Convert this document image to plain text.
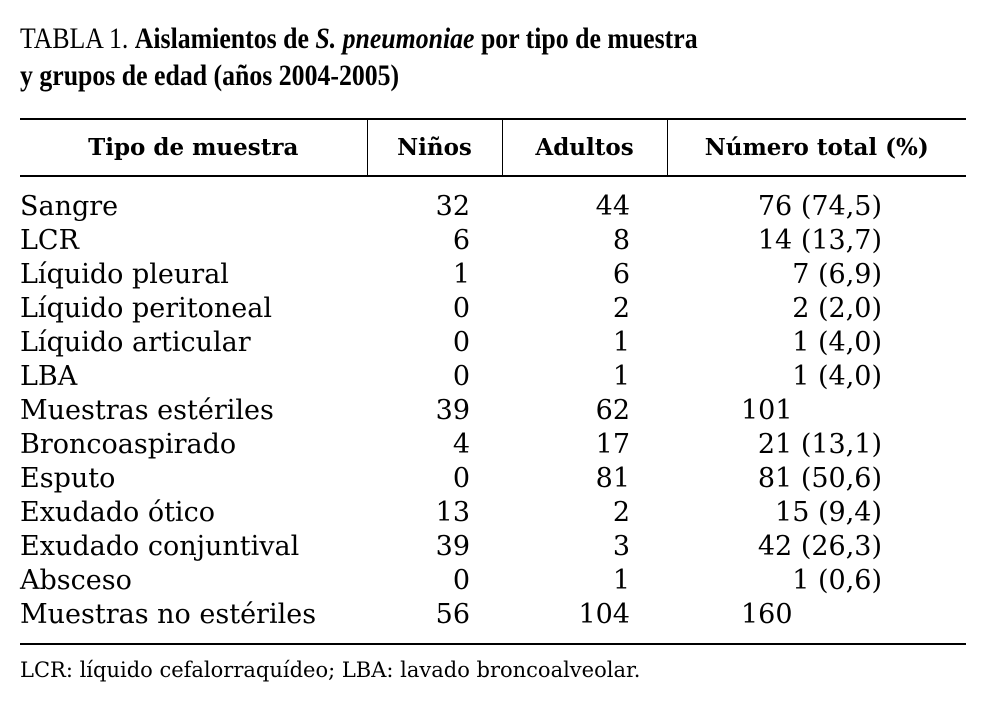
TABLA 1. Aislamientos de S. pneumoniae por tipo de muestra
y grupos de edad (años 2004-2005)
Tipo de muestra	Niños	Adultos	Número total (%)
Sangre	32	44	76 (74,5)
LCR	6	8	14 (13,7)
Líquido pleural	1	6	7 (6,9)
Líquido peritoneal	0	2	2 (2,0)
Líquido articular	0	1	1 (4,0)
LBA	0	1	1 (4,0)
Muestras estériles	39	62	101
Broncoaspirado	4	17	21 (13,1)
Esputo	0	81	81 (50,6)
Exudado ótico	13	2	15 (9,4)
Exudado conjuntival	39	3	42 (26,3)
Absceso	0	1	1 (0,6)
Muestras no estériles	56	104	160
LCR: líquido cefalorraquídeo; LBA: lavado broncoalveolar.
